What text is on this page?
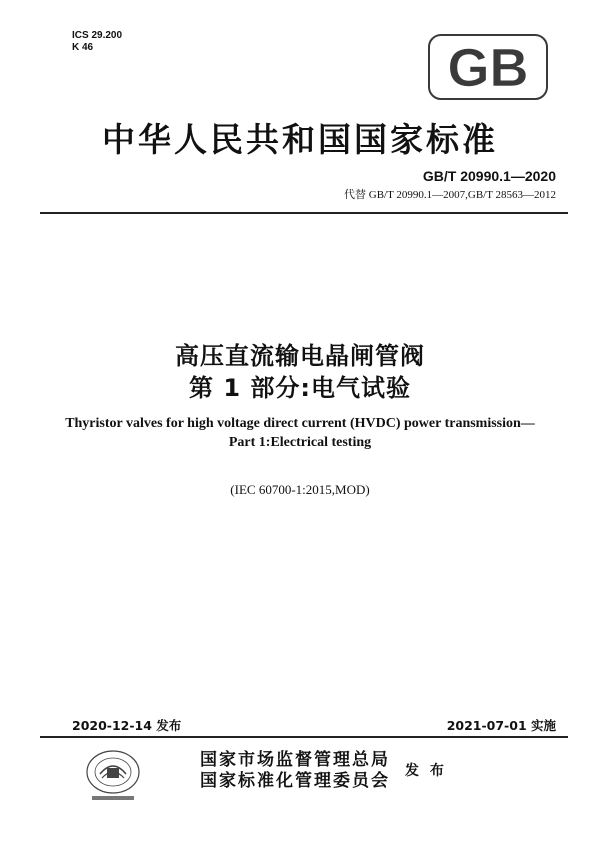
ICS 29.200
K 46	GB
中华人民共和国国家标准
GB/T 20990.1—2020
代替 GB/T 20990.1—2007,GB/T 28563—2012
高压直流输电晶闸管阀
第 1 部分:电气试验
Thyristor valves for high voltage direct current (HVDC) power transmission—
Part 1:Electrical testing
(IEC 60700-1:2015,MOD)
2020-12-14 发布	2021-07-01 实施
国家市场监督管理总局
国家标准化管理委员会 发 布
